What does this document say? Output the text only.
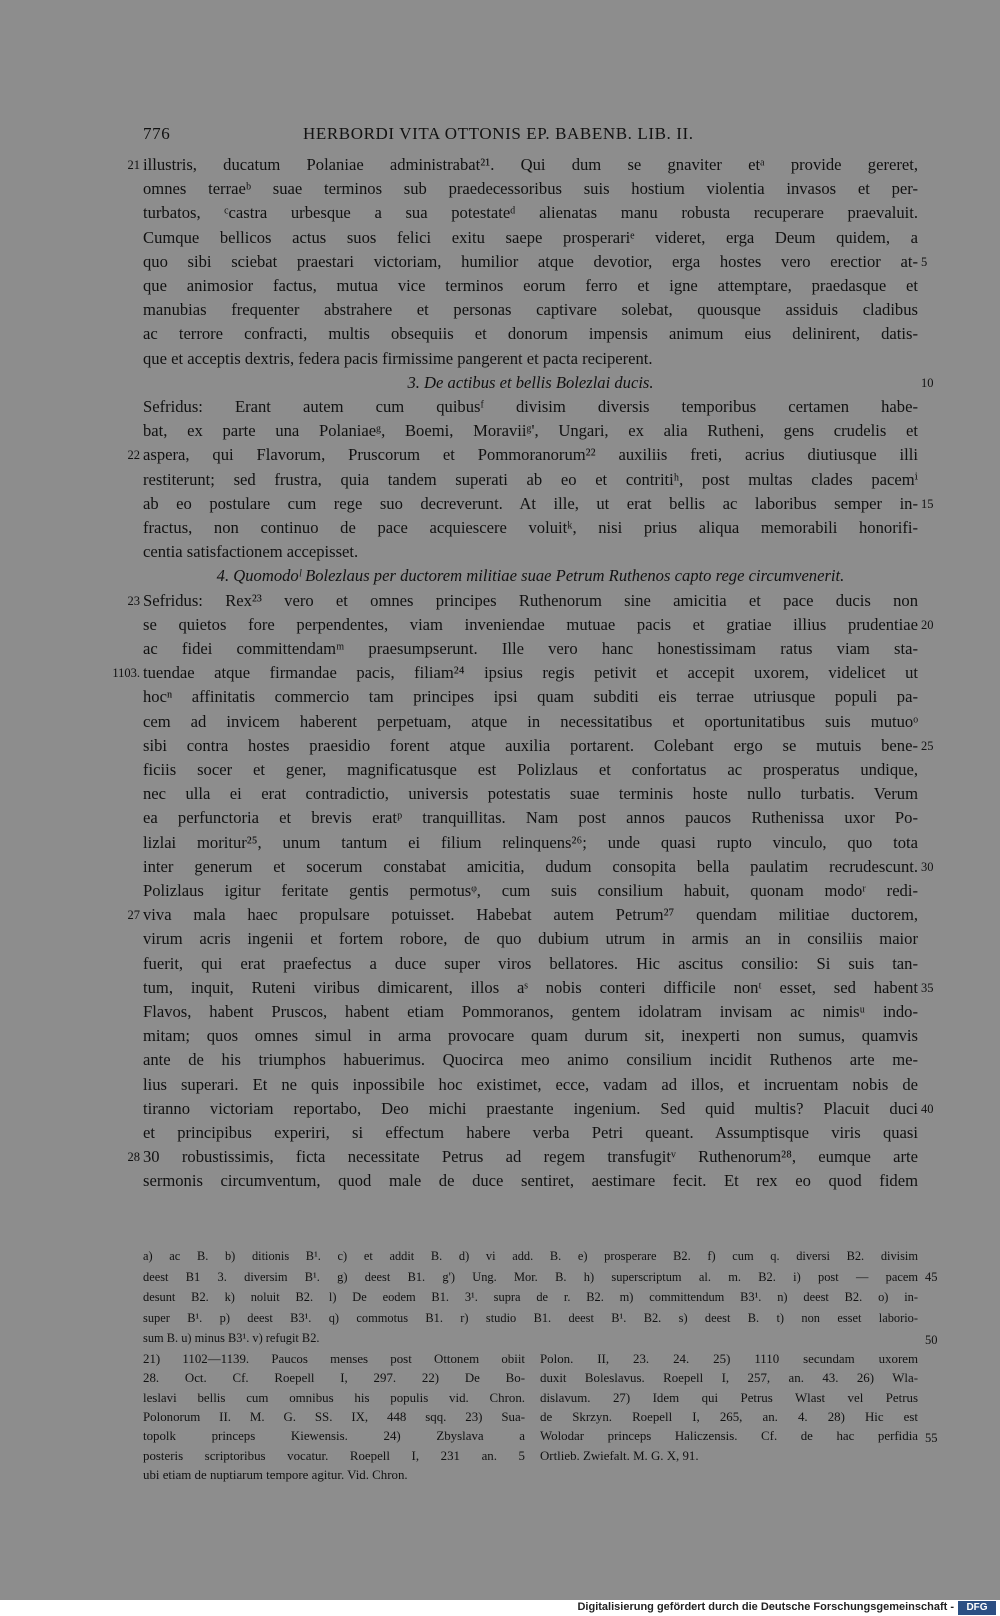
776	HERBORDI VITA OTTONIS EP. BABENB. LIB. II.
illustris, ducatum Polaniae administrabat²¹. Qui dum se gnaviter etᵃ provide gereret,
21
omnes terraeᵇ suae terminos sub praedecessoribus suis hostium violentia invasos et per-
turbatos, ᶜcastra urbesque a sua potestateᵈ alienatas manu robusta recuperare praevaluit.
Cumque bellicos actus suos felici exitu saepe prosperariᵉ videret, erga Deum quidem, a
quo sibi sciebat praestari victoriam, humilior atque devotior, erga hostes vero erectior at- 5
que animosior factus, mutua vice terminos eorum ferro et igne attemptare, praedasque et
manubias frequenter abstrahere et personas captivare solebat, quousque assiduis cladibus
ac terrore confracti, multis obsequiis et donorum impensis animum eius delinirent, datis-
que et acceptis dextris, federa pacis firmissime pangerent et pacta reciperent.
3. De actibus et bellis Bolezlai ducis.	10
Sefridus: Erant autem cum quibusᶠ divisim diversis temporibus certamen habe-
bat, ex parte una Polaniaeᵍ, Boemi, Moraviiᵍ', Ungari, ex alia Rutheni, gens crudelis et
aspera, qui Flavorum, Pruscorum et Pommoranorum²² auxiliis freti, acrius diutiusque illi
22
restiterunt; sed frustra, quia tandem superati ab eo et contritiʰ, post multas clades pacemⁱ
ab eo postulare cum rege suo decreverunt. At ille, ut erat bellis ac laboribus semper in- 15
fractus, non continuo de pace acquiescere voluitᵏ, nisi prius aliqua memorabili honorifi-
centia satisfactionem accepisset.
4. Quomodoˡ Bolezlaus per ductorem militiae suae Petrum Ruthenos capto rege circumvenerit.
Sefridus: Rex²³ vero et omnes principes Ruthenorum sine amicitia et pace ducis non
23
se quietos fore perpendentes, viam inveniendae mutuae pacis et gratiae illius prudentiae 20
ac fidei committendamᵐ praesumpserunt. Ille vero hanc honestissimam ratus viam sta-
tuendae atque firmandae pacis, filiam²⁴ ipsius regis petivit et accepit uxorem, videlicet ut
1103.
hocⁿ affinitatis commercio tam principes ipsi quam subditi eis terrae utriusque populi pa-
cem ad invicem haberent perpetuam, atque in necessitatibus et oportunitatibus suis mutuoᵒ
sibi contra hostes praesidio forent atque auxilia portarent. Colebant ergo se mutuis bene- 25
ficiis socer et gener, magnificatusque est Polizlaus et confortatus ac prosperatus undique,
nec ulla ei erat contradictio, universis potestatis suae terminis hoste nullo turbatis. Verum
ea perfunctoria et brevis eratᵖ tranquillitas. Nam post annos paucos Ruthenissa uxor Po-
lizlai moritur²⁵, unum tantum ei filium relinquens²⁶; unde quasi rupto vinculo, quo tota
inter generum et socerum constabat amicitia, dudum consopita bella paulatim recrudescunt. 30
Polizlaus igitur feritate gentis permotusᵠ, cum suis consilium habuit, quonam modoʳ redi-
viva mala haec propulsare potuisset. Habebat autem Petrum²⁷ quendam militiae ductorem,
27
virum acris ingenii et fortem robore, de quo dubium utrum in armis an in consiliis maior
fuerit, qui erat praefectus a duce super viros bellatores. Hic ascitus consilio: Si suis tan-
tum, inquit, Ruteni viribus dimicarent, illos aˢ nobis conteri difficile nonᵗ esset, sed habent 35
Flavos, habent Pruscos, habent etiam Pommoranos, gentem idolatram invisam ac nimisᵘ indo-
mitam; quos omnes simul in arma provocare quam durum sit, inexperti non sumus, quamvis
ante de his triumphos habuerimus. Quocirca meo animo consilium incidit Ruthenos arte me-
lius superari. Et ne quis inpossibile hoc existimet, ecce, vadam ad illos, et incruentam nobis de
tiranno victoriam reportabo, Deo michi praestante ingenium. Sed quid multis? Placuit duci 40
et principibus experiri, si effectum habere verba Petri queant. Assumptisque viris quasi
30 robustissimis, ficta necessitate Petrus ad regem transfugitᵛ Ruthenorum²⁸, eumque arte
28
sermonis circumventum, quod male de duce sentiret, aestimare fecit. Et rex eo quod fidem
a) ac B. b) ditionis B¹. c) et addit B. d) vi add. B. e) prosperare B2. f) cum q. diversi B2. divisim
deest B1 3. diversim B¹. g) deest B1. g') Ung. Mor. B. h) superscriptum al. m. B2. i) post — pacem 45
desunt B2. k) noluit B2. l) De eodem B1. 3¹. supra de r. B2. m) committendum B3¹. n) deest B2. o) in-
super B¹. p) deest B3¹. q) commotus B1. r) studio B1. deest B¹. B2. s) deest B. t) non esset laborio-
sum B. u) minus B3¹. v) refugit B2.	50
21) 1102—1139. Paucos menses post Ottonem obiit
28. Oct. Cf. Roepell I, 297. 22) De Bo-
leslavi bellis cum omnibus his populis vid. Chron.
Polonorum II. M. G. SS. IX, 448 sqq. 23) Sua-
topolk princeps Kiewensis. 24) Zbyslava a
posteris scriptoribus vocatur. Roepell I, 231 an. 5
ubi etiam de nuptiarum tempore agitur. Vid. Chron.
Polon. II, 23. 24. 25) 1110 secundam uxorem
duxit Boleslavus. Roepell I, 257, an. 43. 26) Wla-
dislavum. 27) Idem qui Petrus Wlast vel Petrus
de Skrzyn. Roepell I, 265, an. 4. 28) Hic est
Wolodar princeps Haliczensis. Cf. de hac perfidia
Ortlieb. Zwiefalt. M. G. X, 91.
55
Digitalisierung gefördert durch die Deutsche Forschungsgemeinschaft -	DFG
